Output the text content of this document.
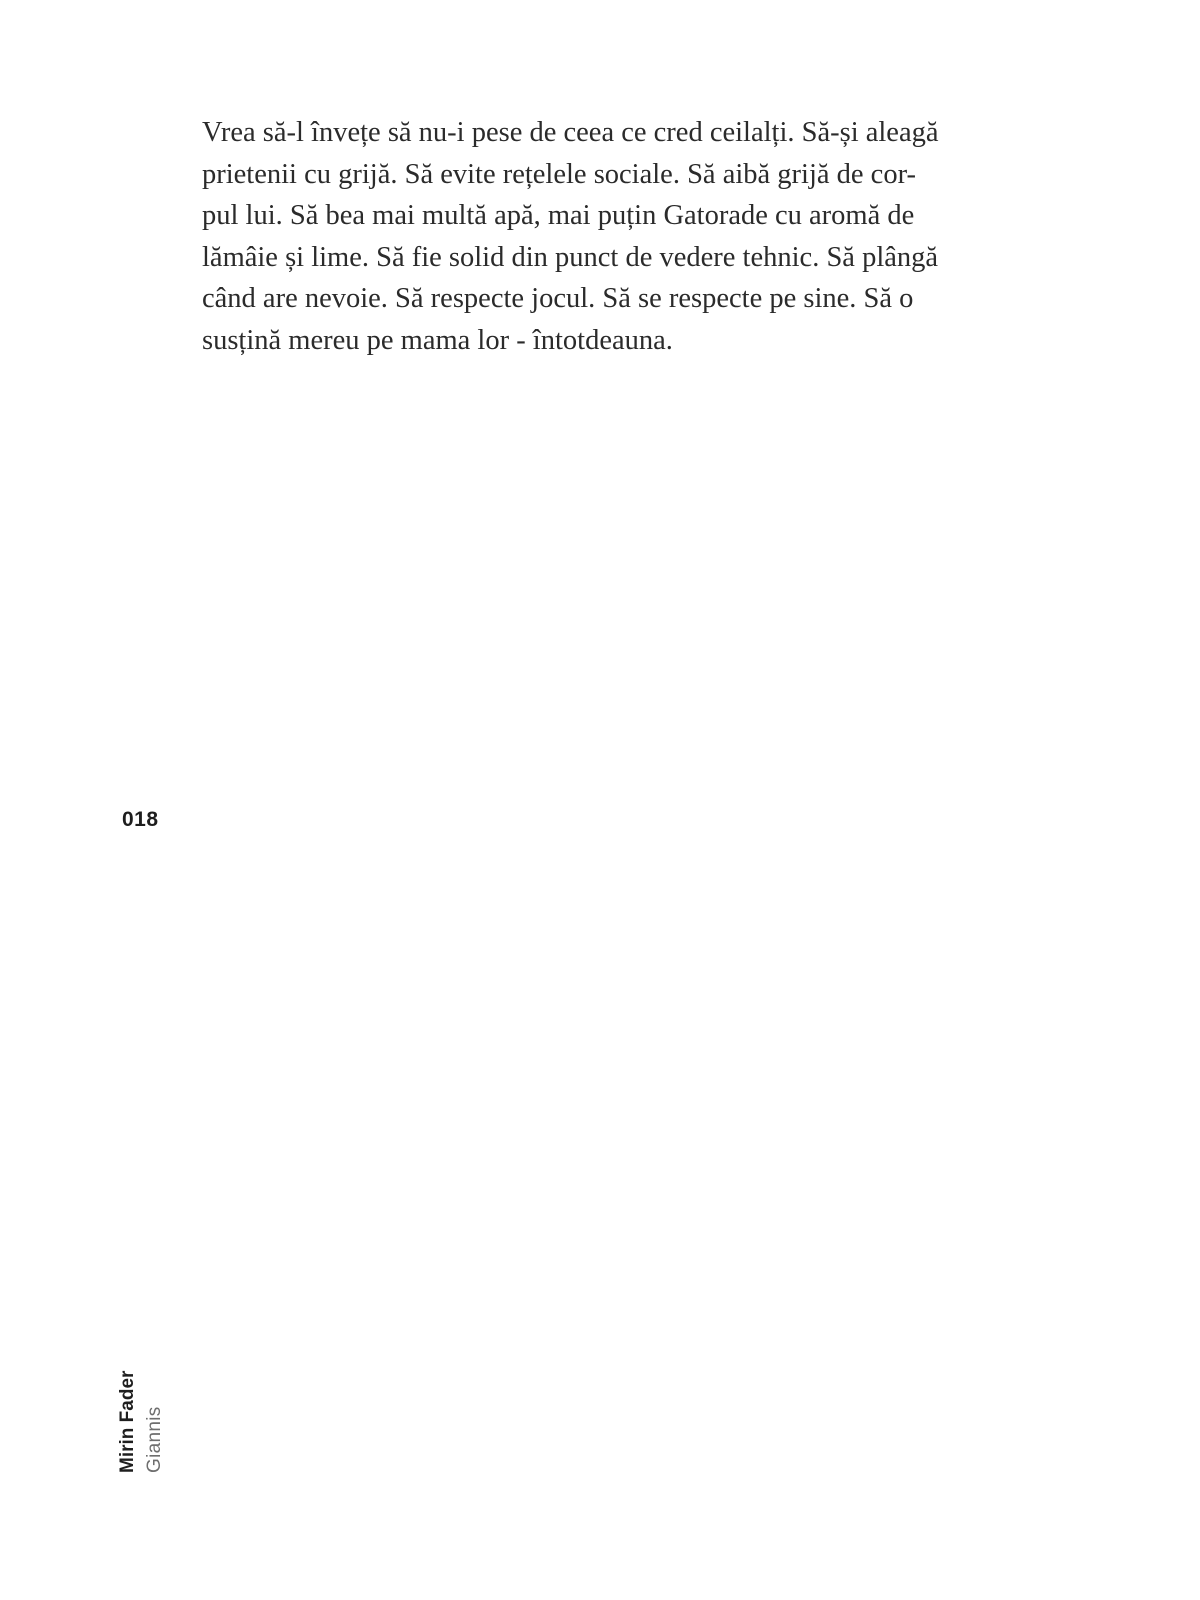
Vrea să-l învețe să nu-i pese de ceea ce cred ceilalți. Să-și aleagă
prietenii cu grijă. Să evite rețelele sociale. Să aibă grijă de cor-
pul lui. Să bea mai multă apă, mai puțin Gatorade cu aromă de
lămâie și lime. Să fie solid din punct de vedere tehnic. Să plângă
când are nevoie. Să respecte jocul. Să se respecte pe sine. Să o
susțină mereu pe mama lor - întotdeauna.

018
Mirin Fader Giannis
